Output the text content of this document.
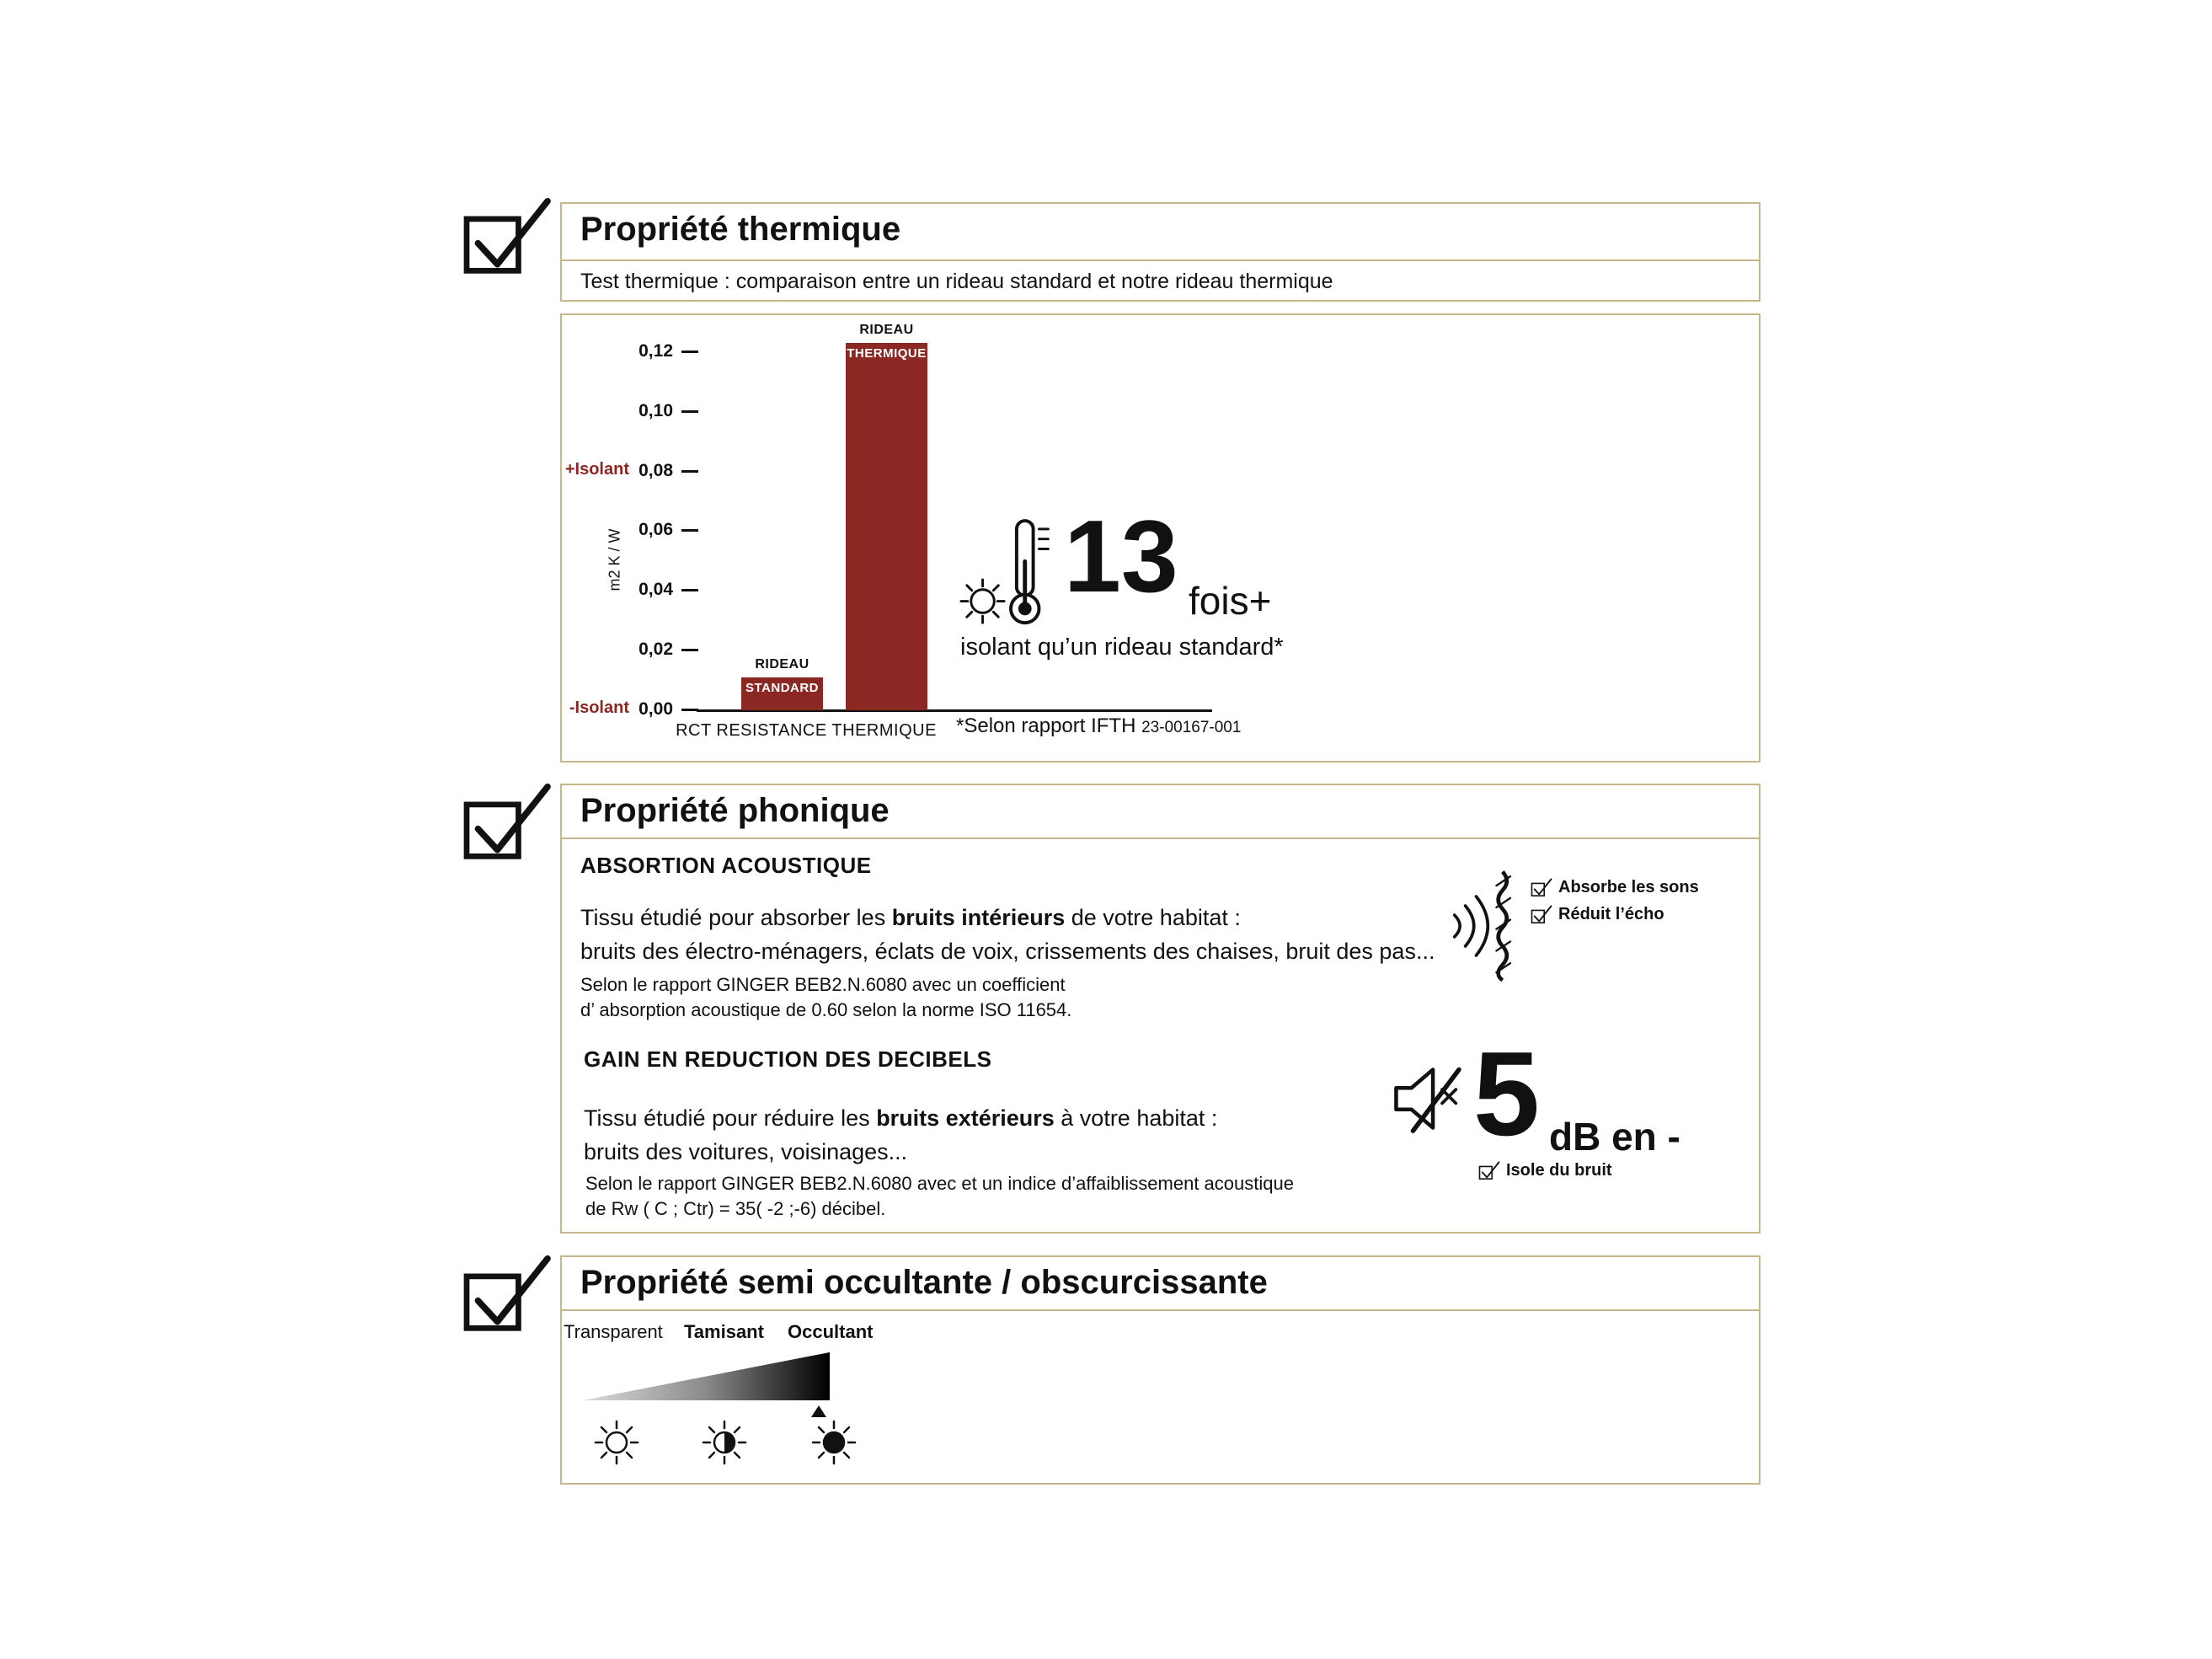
Propriété thermique

Test thermique : comparaison entre un rideau standard et notre rideau thermique

+Isolant
-Isolant
m2 K / W
0,12
0,10
0,08
0,06
0,04
0,02
0,00
RIDEAU
STANDARD
RIDEAU
THERMIQUE
RCT RESISTANCE THERMIQUE
13 fois+
isolant qu’un rideau standard*
*Selon rapport IFTH 23-00167-001
Propriété phonique
ABSORTION ACOUSTIQUE

Tissu étudié pour absorber les bruits intérieurs de votre habitat :

bruits des électro-ménagers, éclats de voix, crissements des chaises, bruit des pas...

Selon le rapport GINGER BEB2.N.6080 avec un coefficient

d’ absorption acoustique de 0.60 selon la norme ISO 11654.

Absorbe les sons
Réduit l’écho
GAIN EN REDUCTION DES DECIBELS

Tissu étudié pour réduire les bruits extérieurs à votre habitat :

bruits des voitures, voisinages...

Selon le rapport GINGER BEB2.N.6080 avec et un indice d’affaiblissement acoustique

de Rw ( C ; Ctr) = 35( -2 ;-6) décibel.

5 dB en -
Isole du bruit
Propriété semi occultante / obscurcissante
Transparent Tamisant Occultant
